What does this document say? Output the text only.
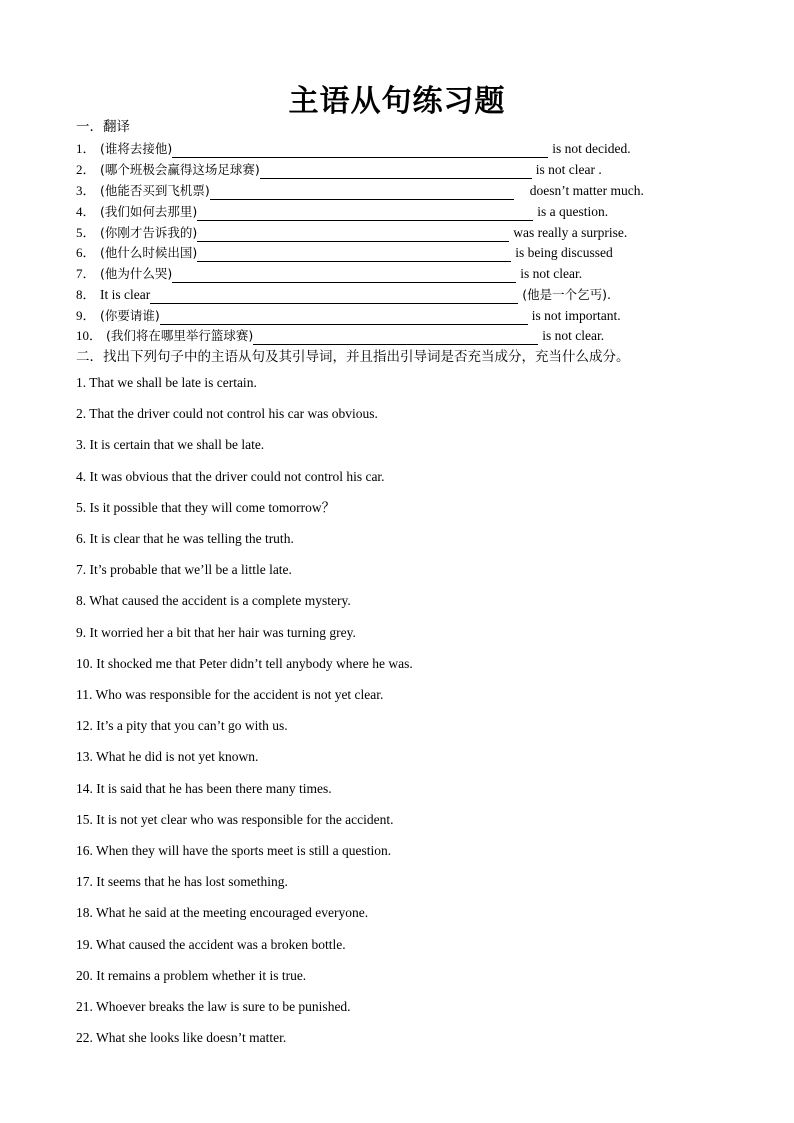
主语从句练习题
一．翻译
1． (谁将去接他)	is not decided.
2． (哪个班极会赢得这场足球赛)	is not clear .
3． (他能否买到飞机票)	doesn’t matter much.
4． (我们如何去那里)	is a question.
5． (你刚才告诉我的)	was really a surprise.
6． (他什么时候出国)	is being discussed
7． (他为什么哭)	is not clear.
8． It is clear	(他是一个乞丐).
9． (你要请谁)	is not important.
10． (我们将在哪里举行篮球赛)	is not clear.
二．找出下列句子中的主语从句及其引导词，并且指出引导词是否充当成分，充当什么成分。
1. That we shall be late is certain.
2. That the driver could not control his car was obvious.
3. It is certain that we shall be late.
4. It was obvious that the driver could not control his car.
5. Is it possible that they will come tomorrow？
6. It is clear that he was telling the truth.
7. It’s probable that we’ll be a little late.
8. What caused the accident is a complete mystery.
9. It worried her a bit that her hair was turning grey.
10. It shocked me that Peter didn’t tell anybody where he was.
11. Who was responsible for the accident is not yet clear.
12. It’s a pity that you can’t go with us.
13. What he did is not yet known.
14. It is said that he has been there many times.
15. It is not yet clear who was responsible for the accident.
16. When they will have the sports meet is still a question.
17. It seems that he has lost something.
18. What he said at the meeting encouraged everyone.
19. What caused the accident was a broken bottle.
20. It remains a problem whether it is true.
21. Whoever breaks the law is sure to be punished.
22. What she looks like doesn’t matter.
